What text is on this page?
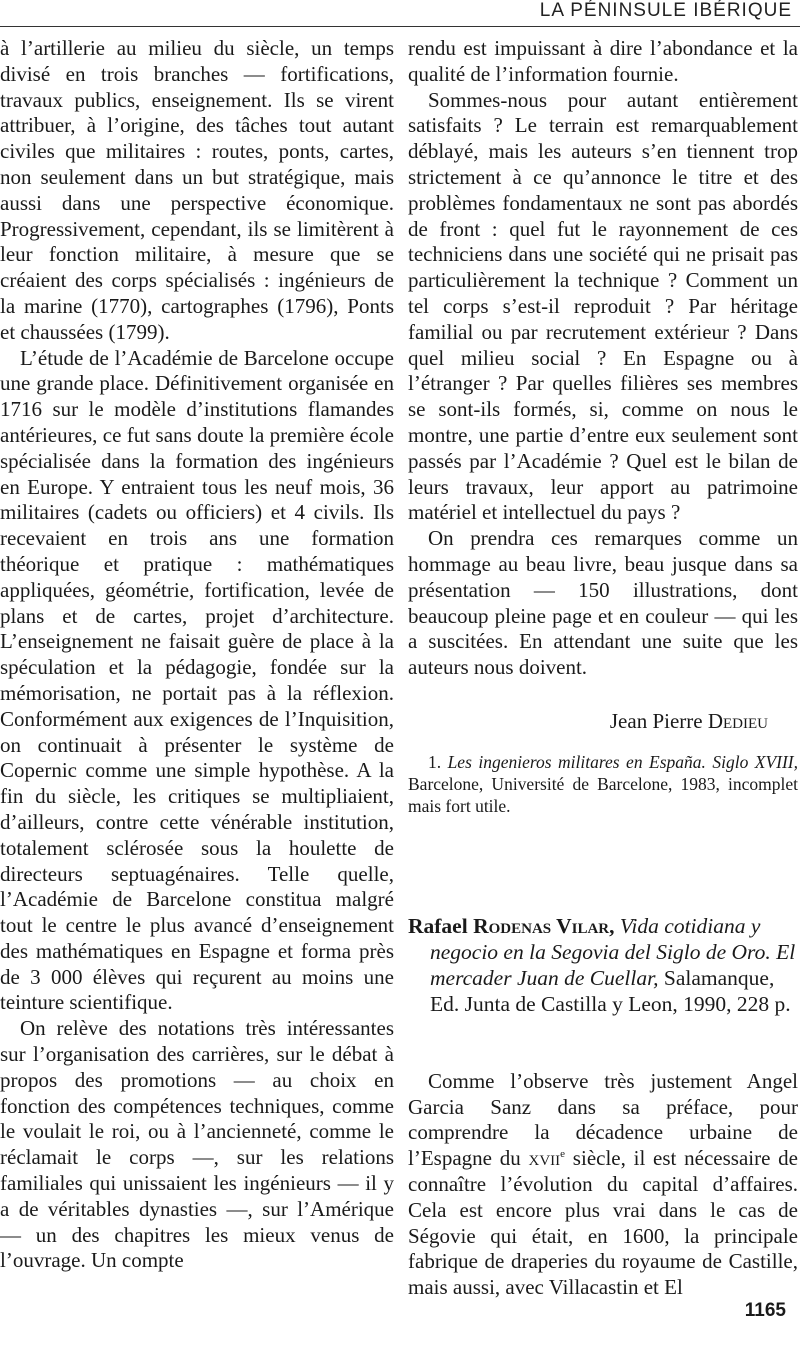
LA PÉNINSULE IBÉRIQUE

à l’artillerie au milieu du siècle, un temps divisé en trois branches — fortifications, travaux publics, enseignement. Ils se virent attribuer, à l’origine, des tâches tout autant civiles que militaires : routes, ponts, cartes, non seulement dans un but stratégique, mais aussi dans une perspective économique. Progressivement, cependant, ils se limitèrent à leur fonction militaire, à mesure que se créaient des corps spécialisés : ingénieurs de la marine (1770), cartographes (1796), Ponts et chaussées (1799).

L’étude de l’Académie de Barcelone occupe une grande place. Définitivement organisée en 1716 sur le modèle d’institutions flamandes antérieures, ce fut sans doute la première école spécialisée dans la formation des ingénieurs en Europe. Y entraient tous les neuf mois, 36 militaires (cadets ou officiers) et 4 civils. Ils recevaient en trois ans une formation théorique et pratique : mathématiques appliquées, géométrie, fortification, levée de plans et de cartes, projet d’architecture. L’enseignement ne faisait guère de place à la spéculation et la pédagogie, fondée sur la mémorisation, ne portait pas à la réflexion. Conformément aux exigences de l’Inquisition, on continuait à présenter le système de Copernic comme une simple hypothèse. A la fin du siècle, les critiques se multipliaient, d’ailleurs, contre cette vénérable institution, totalement sclérosée sous la houlette de directeurs septuagénaires. Telle quelle, l’Académie de Barcelone constitua malgré tout le centre le plus avancé d’enseignement des mathématiques en Espagne et forma près de 3 000 élèves qui reçurent au moins une teinture scientifique.

On relève des notations très intéressantes sur l’organisation des carrières, sur le débat à propos des promotions — au choix en fonction des compétences techniques, comme le voulait le roi, ou à l’ancienneté, comme le réclamait le corps —, sur les relations familiales qui unissaient les ingénieurs — il y a de véritables dynasties —, sur l’Amérique — un des chapitres les mieux venus de l’ouvrage. Un compte

rendu est impuissant à dire l’abondance et la qualité de l’information fournie.

Sommes-nous pour autant entièrement satisfaits ? Le terrain est remarquablement déblayé, mais les auteurs s’en tiennent trop strictement à ce qu’annonce le titre et des problèmes fondamentaux ne sont pas abordés de front : quel fut le rayonnement de ces techniciens dans une société qui ne prisait pas particulièrement la technique ? Comment un tel corps s’est-il reproduit ? Par héritage familial ou par recrutement extérieur ? Dans quel milieu social ? En Espagne ou à l’étranger ? Par quelles filières ses membres se sont-ils formés, si, comme on nous le montre, une partie d’entre eux seulement sont passés par l’Académie ? Quel est le bilan de leurs travaux, leur apport au patrimoine matériel et intellectuel du pays ?

On prendra ces remarques comme un hommage au beau livre, beau jusque dans sa présentation — 150 illustrations, dont beaucoup pleine page et en couleur — qui les a suscitées. En attendant une suite que les auteurs nous doivent.

Jean Pierre Dedieu

1. Les ingenieros militares en España. Siglo XVIII, Barcelone, Université de Barcelone, 1983, incomplet mais fort utile.

Rafael Rodenas Vilar, Vida cotidiana y negocio en la Segovia del Siglo de Oro. El mercader Juan de Cuellar, Salamanque, Ed. Junta de Castilla y Leon, 1990, 228 p.

Comme l’observe très justement Angel Garcia Sanz dans sa préface, pour comprendre la décadence urbaine de l’Espagne du xvii$^e$ siècle, il est nécessaire de connaître l’évolution du capital d’affaires. Cela est encore plus vrai dans le cas de Ségovie qui était, en 1600, la principale fabrique de draperies du royaume de Castille, mais aussi, avec Villacastin et El

1165
